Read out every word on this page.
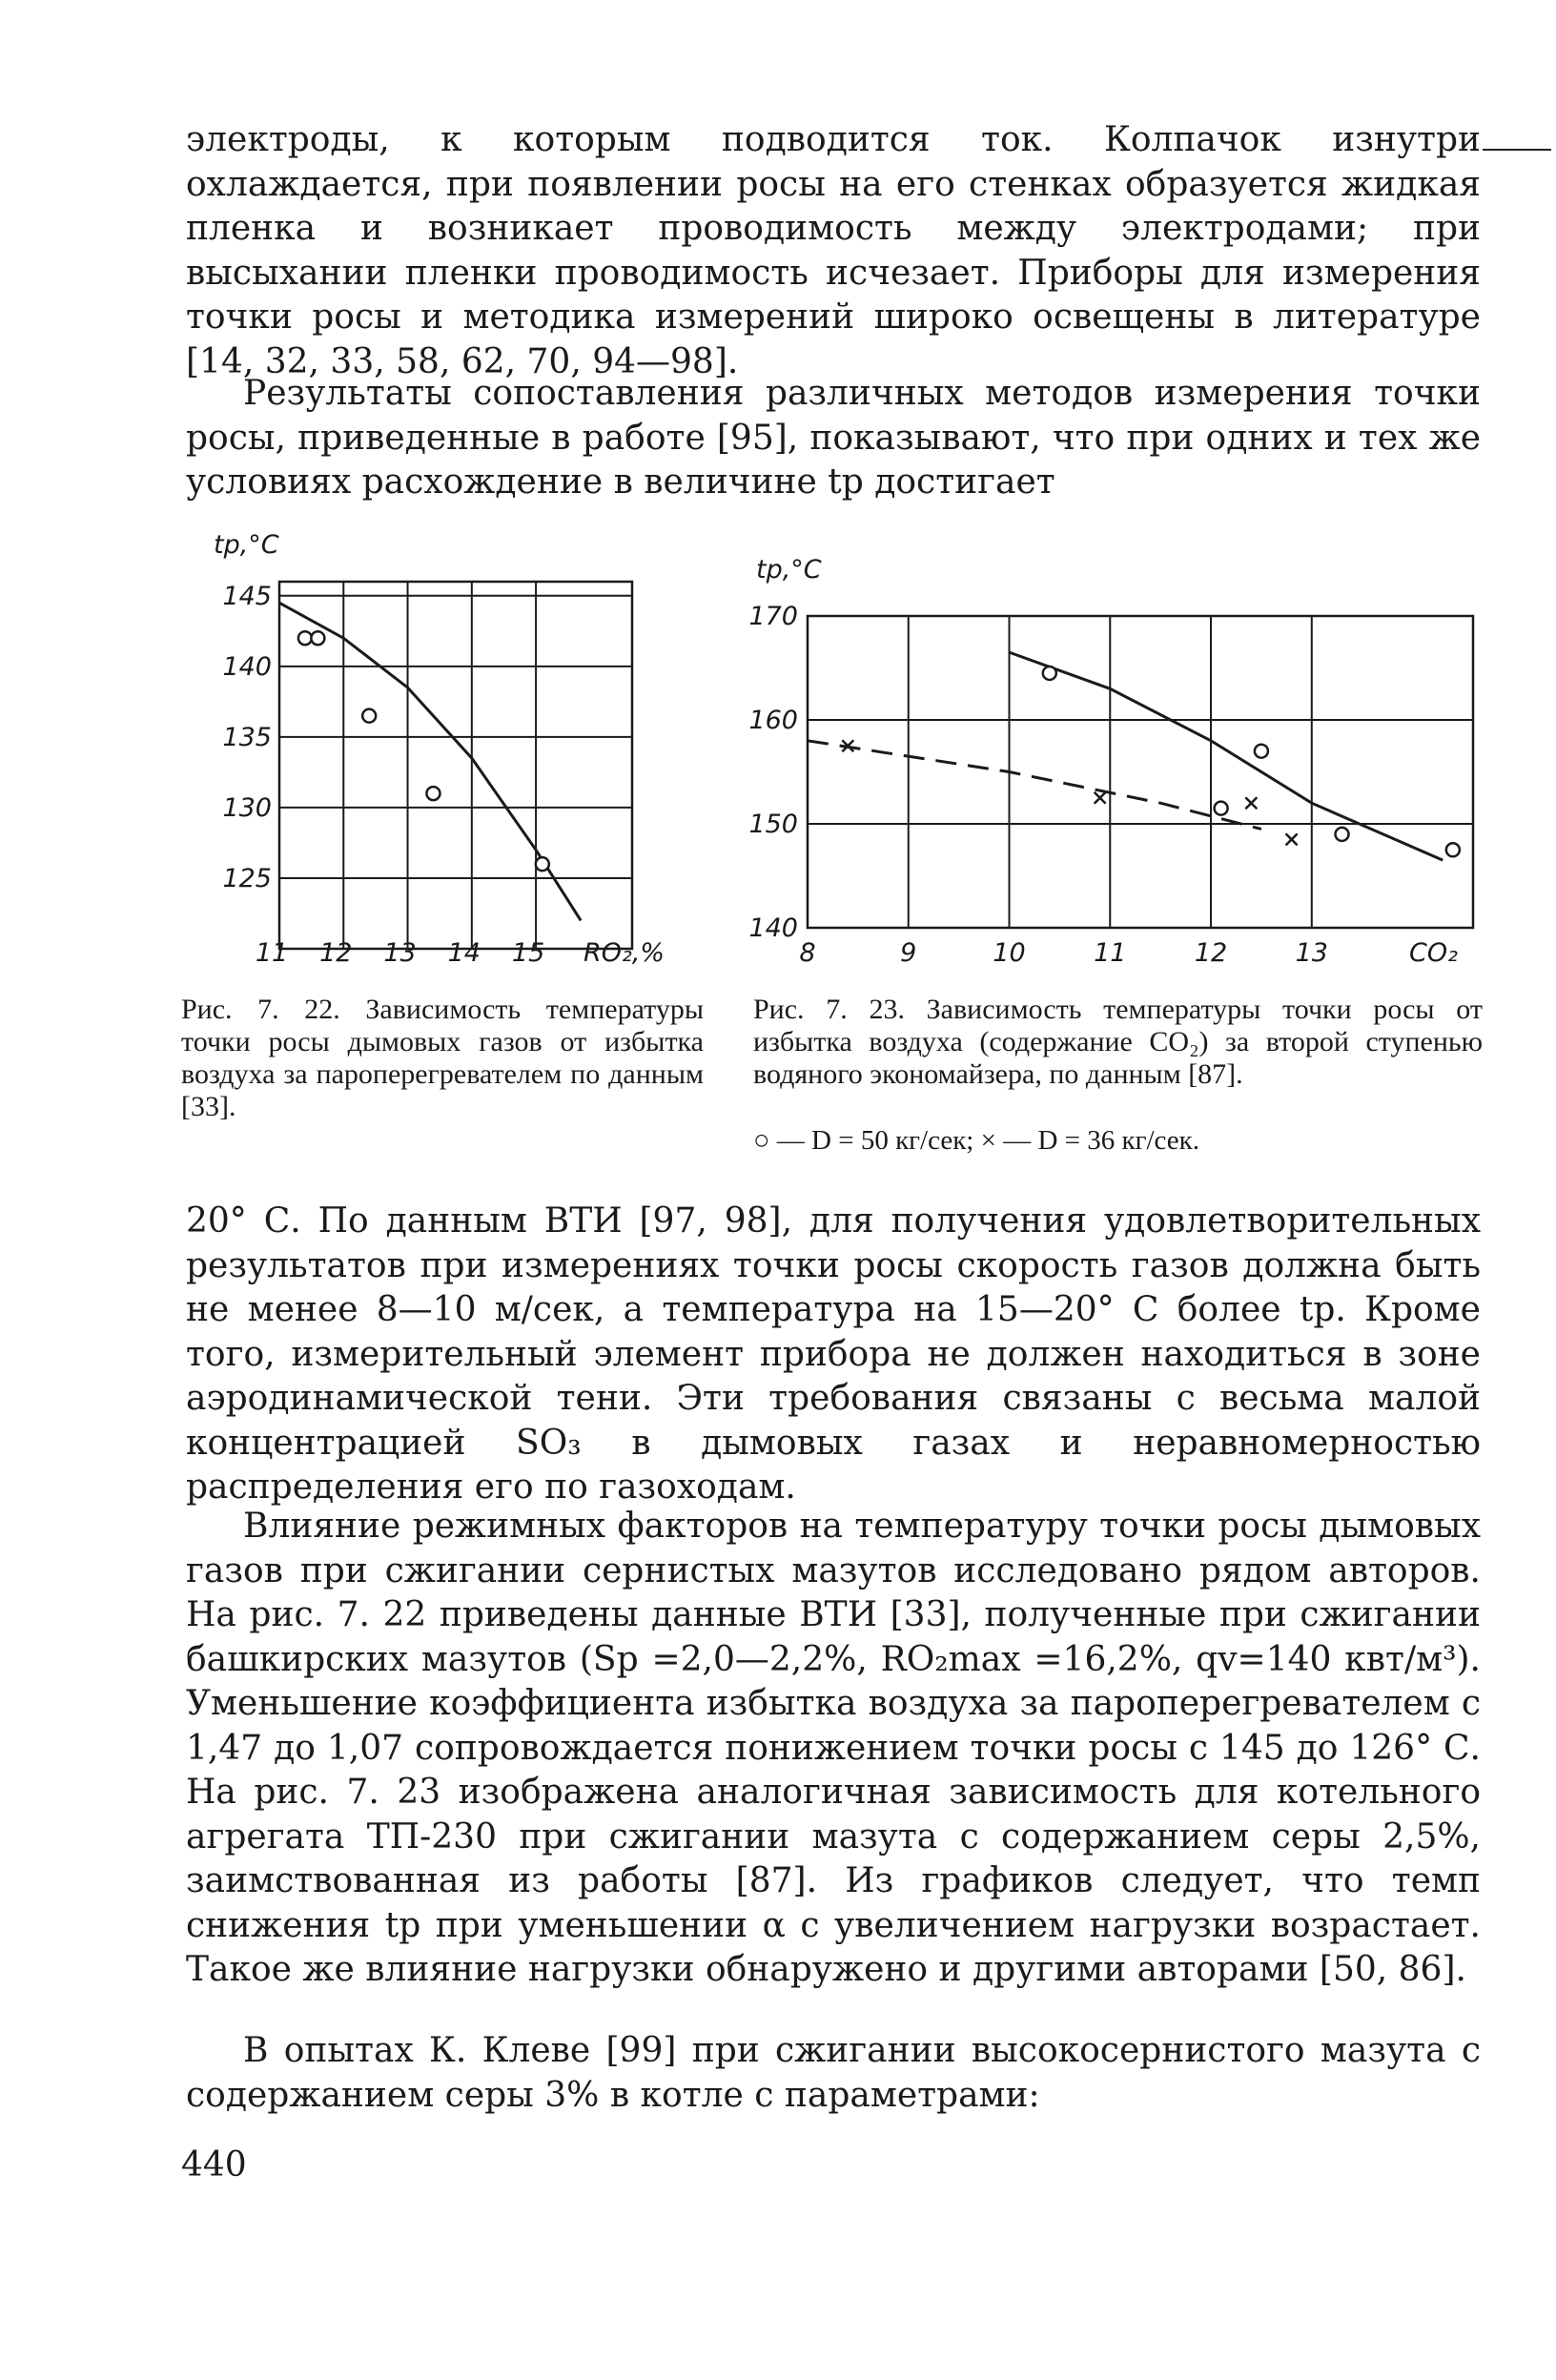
электроды, к которым подводится ток. Колпачок изнутри охлаждается, при появлении росы на его стенках образуется жидкая пленка и возникает проводимость между электродами; при высыхании пленки проводимость исчезает. Приборы для измерения точки росы и методика измерений широко освещены в литературе [14, 32, 33, 58, 62, 70, 94—98].

Результаты сопоставления различных методов измерения точки росы, приведенные в работе [95], показывают, что при одних и тех же условиях расхождение в величине tр достигает

tр,°С
145
140
135
130
125
11 12 13 14 15 RO₂,%
tр,°С
170
160
150
140
8	9	10	11	12	13	CO₂

Рис. 7. 22. Зависимость температуры точки росы дымовых газов от избытка воздуха за пароперегревателем по данным [33].

Рис. 7. 23. Зависимость температуры точки росы от избытка воздуха (содержание CO₂) за второй ступенью водяного экономайзера, по данным [87].

○ — D = 50 кг/сек; × — D = 36 кг/сек.

20° С. По данным ВТИ [97, 98], для получения удовлетворительных результатов при измерениях точки росы скорость газов должна быть не менее 8—10 м/сек, а температура на 15—20° С более tр. Кроме того, измерительный элемент прибора не должен находиться в зоне аэродинамической тени. Эти требования связаны с весьма малой концентрацией SO₃ в дымовых газах и неравномерностью распределения его по газоходам.

Влияние режимных факторов на температуру точки росы дымовых газов при сжигании сернистых мазутов исследовано рядом авторов. На рис. 7. 22 приведены данные ВТИ [33], полученные при сжигании башкирских мазутов (Sр =2,0—2,2%, RO₂max =16,2%, qv=140 квт/м³). Уменьшение коэффициента избытка воздуха за пароперегревателем с 1,47 до 1,07 сопровождается понижением точки росы с 145 до 126° С. На рис. 7. 23 изображена аналогичная зависимость для котельного агрегата ТП-230 при сжигании мазута с содержанием серы 2,5%, заимствованная из работы [87]. Из графиков следует, что темп снижения tр при уменьшении α с увеличением нагрузки возрастает. Такое же влияние нагрузки обнаружено и другими авторами [50, 86].

В опытах К. Клеве [99] при сжигании высокосернистого мазута с содержанием серы 3% в котле с параметрами:

440
